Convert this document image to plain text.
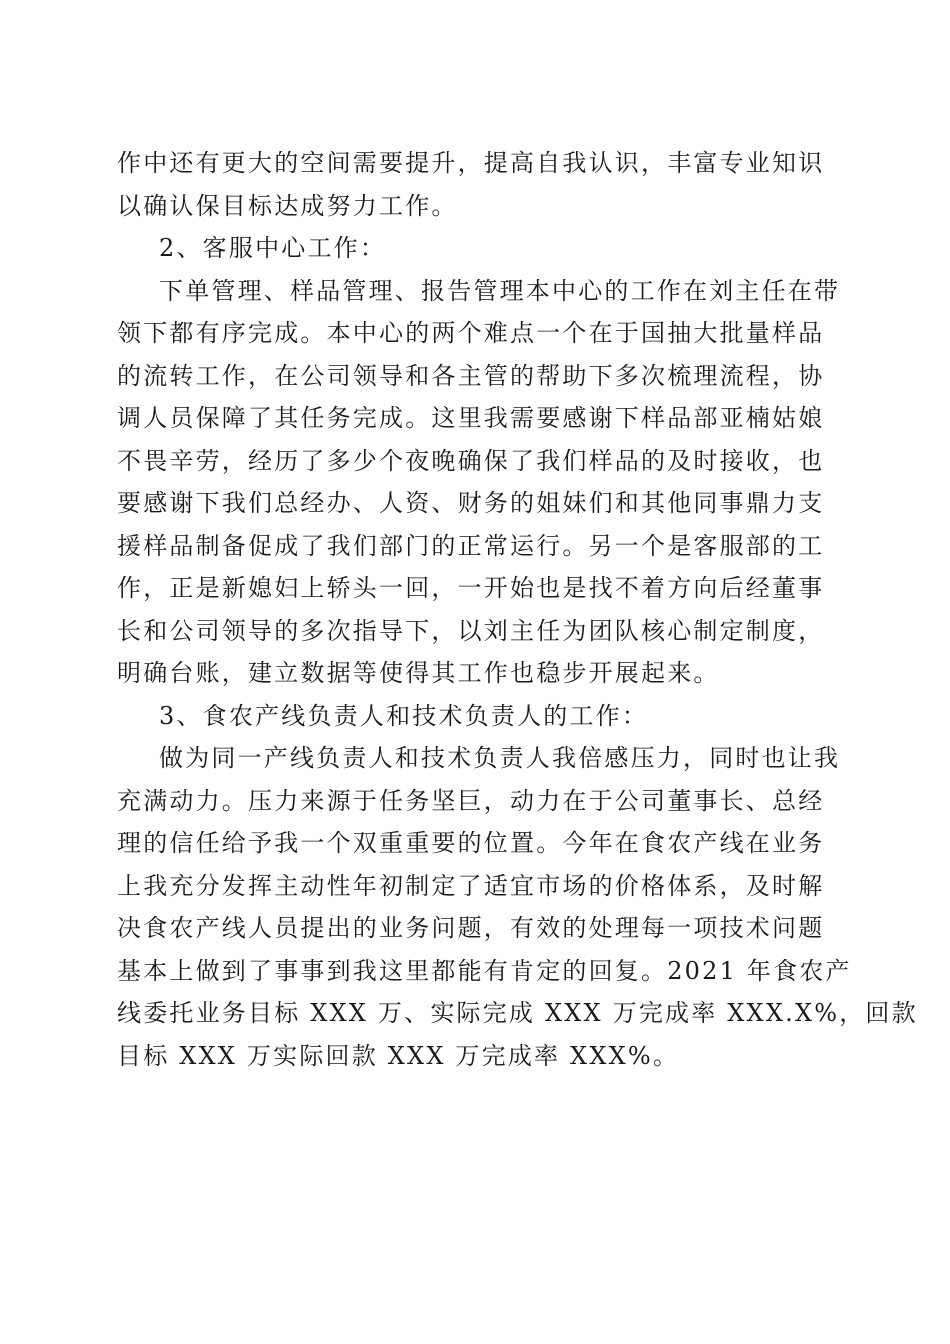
作中还有更大的空间需要提升，提高自我认识，丰富专业知识
以确认保目标达成努力工作。
2、客服中心工作：
下单管理、样品管理、报告管理本中心的工作在刘主任在带
领下都有序完成。本中心的两个难点一个在于国抽大批量样品
的流转工作，在公司领导和各主管的帮助下多次梳理流程，协
调人员保障了其任务完成。这里我需要感谢下样品部亚楠姑娘
不畏辛劳，经历了多少个夜晚确保了我们样品的及时接收，也
要感谢下我们总经办、人资、财务的姐妹们和其他同事鼎力支
援样品制备促成了我们部门的正常运行。另一个是客服部的工
作，正是新媳妇上轿头一回，一开始也是找不着方向后经董事
长和公司领导的多次指导下，以刘主任为团队核心制定制度，
明确台账，建立数据等使得其工作也稳步开展起来。
3、食农产线负责人和技术负责人的工作：
做为同一产线负责人和技术负责人我倍感压力，同时也让我
充满动力。压力来源于任务坚巨，动力在于公司董事长、总经
理的信任给予我一个双重重要的位置。今年在食农产线在业务
上我充分发挥主动性年初制定了适宜市场的价格体系，及时解
决食农产线人员提出的业务问题，有效的处理每一项技术问题
基本上做到了事事到我这里都能有肯定的回复。2021 年食农产
线委托业务目标 XXX 万、实际完成 XXX 万完成率 XXX.X%，回款
目标 XXX 万实际回款 XXX 万完成率 XXX%。
